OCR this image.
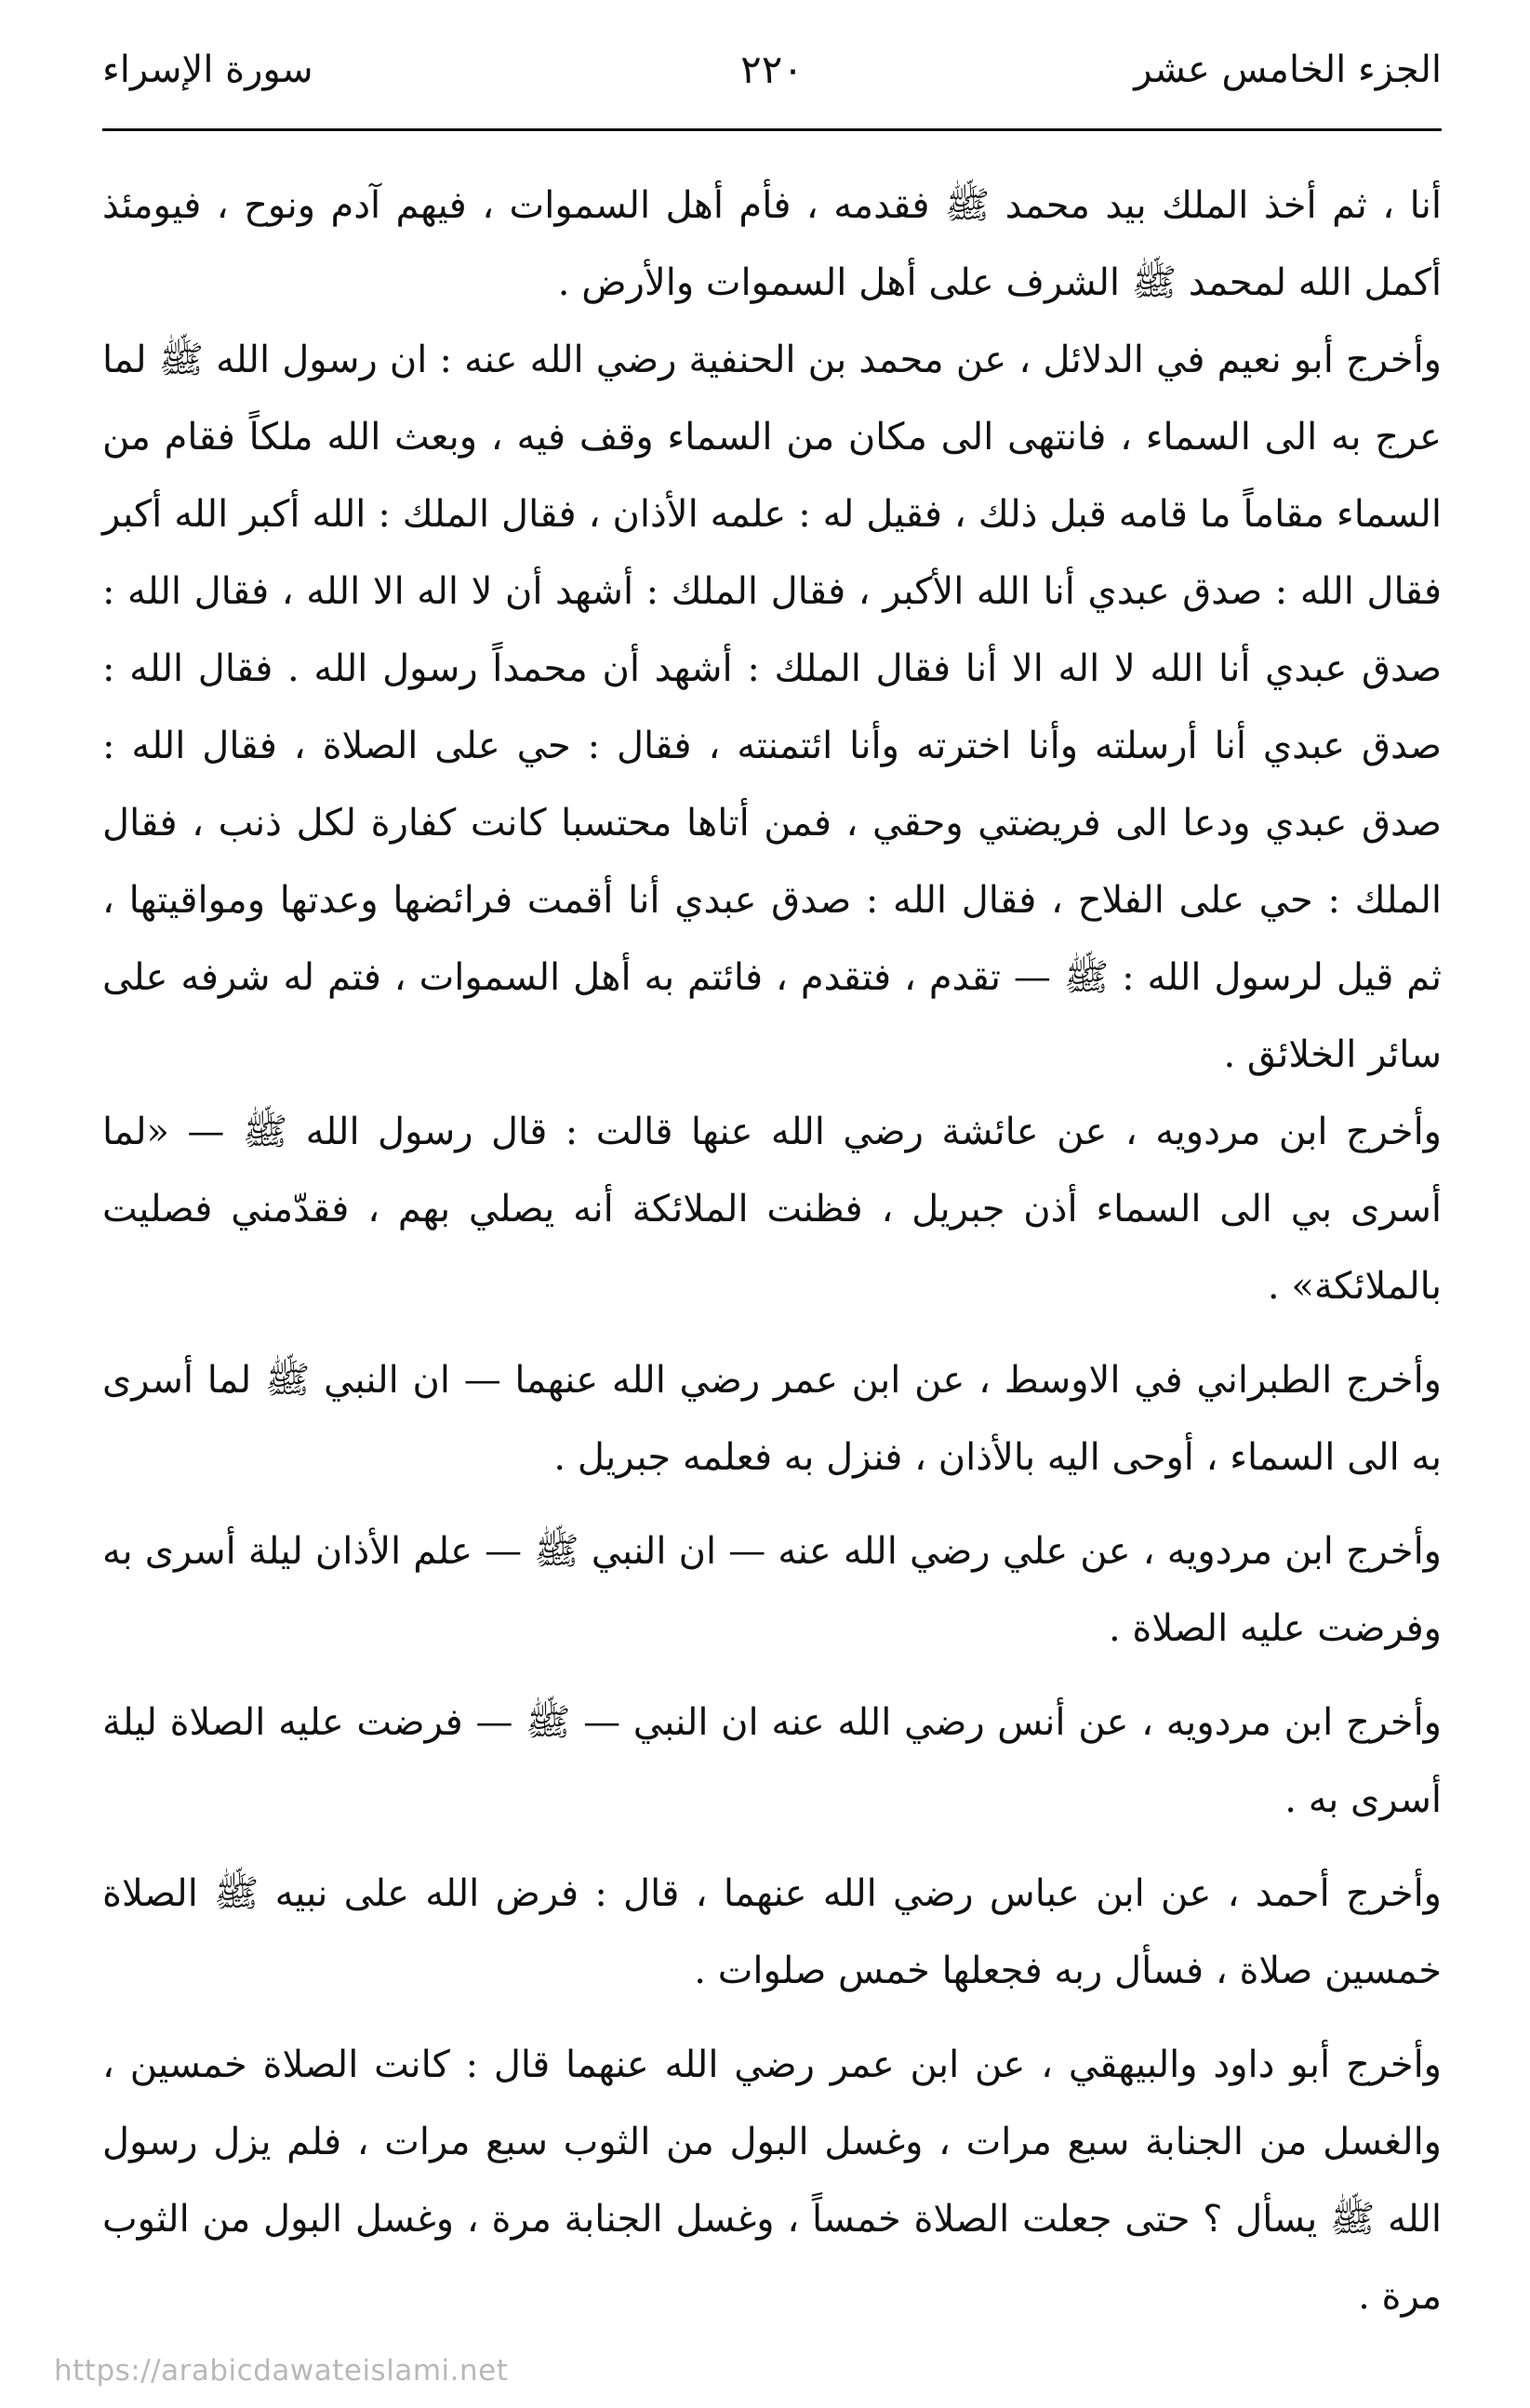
الجزء الخامس عشر
٢٢٠
سورة الإسراء

أنا ، ثم أخذ الملك بيد محمد ﷺ فقدمه ، فأم أهل السموات ، فيهم آدم ونوح ، فيومئذ أكمل الله لمحمد ﷺ الشرف على أهل السموات والأرض .

وأخرج أبو نعيم في الدلائل ، عن محمد بن الحنفية رضي الله عنه : ان رسول الله ﷺ لما عرج به الى السماء ، فانتهى الى مكان من السماء وقف فيه ، وبعث الله ملكاً فقام من السماء مقاماً ما قامه قبل ذلك ، فقيل له : علمه الأذان ، فقال الملك : الله أكبر الله أكبر فقال الله : صدق عبدي أنا الله الأكبر ، فقال الملك : أشهد أن لا اله الا الله ، فقال الله : صدق عبدي أنا الله لا اله الا أنا فقال الملك : أشهد أن محمداً رسول الله . فقال الله : صدق عبدي أنا أرسلته وأنا اخترته وأنا ائتمنته ، فقال : حي على الصلاة ، فقال الله : صدق عبدي ودعا الى فريضتي وحقي ، فمن أتاها محتسبا كانت كفارة لكل ذنب ، فقال الملك : حي على الفلاح ، فقال الله : صدق عبدي أنا أقمت فرائضها وعدتها ومواقيتها ، ثم قيل لرسول الله : ﷺ — تقدم ، فتقدم ، فائتم به أهل السموات ، فتم له شرفه على سائر الخلائق .

وأخرج ابن مردويه ، عن عائشة رضي الله عنها قالت : قال رسول الله ﷺ — «لما أسرى بي الى السماء أذن جبريل ، فظنت الملائكة أنه يصلي بهم ، فقدّمني فصليت بالملائكة» .

وأخرج الطبراني في الاوسط ، عن ابن عمر رضي الله عنهما — ان النبي ﷺ لما أسرى به الى السماء ، أوحى اليه بالأذان ، فنزل به فعلمه جبريل .

وأخرج ابن مردويه ، عن علي رضي الله عنه — ان النبي ﷺ — علم الأذان ليلة أسرى به وفرضت عليه الصلاة .

وأخرج ابن مردويه ، عن أنس رضي الله عنه ان النبي — ﷺ — فرضت عليه الصلاة ليلة أسرى به .

وأخرج أحمد ، عن ابن عباس رضي الله عنهما ، قال : فرض الله على نبيه ﷺ الصلاة خمسين صلاة ، فسأل ربه فجعلها خمس صلوات .

وأخرج أبو داود والبيهقي ، عن ابن عمر رضي الله عنهما قال : كانت الصلاة خمسين ، والغسل من الجنابة سبع مرات ، وغسل البول من الثوب سبع مرات ، فلم يزل رسول الله ﷺ يسأل ؟ حتى جعلت الصلاة خمساً ، وغسل الجنابة مرة ، وغسل البول من الثوب مرة .

https://arabicdawateislami.net
